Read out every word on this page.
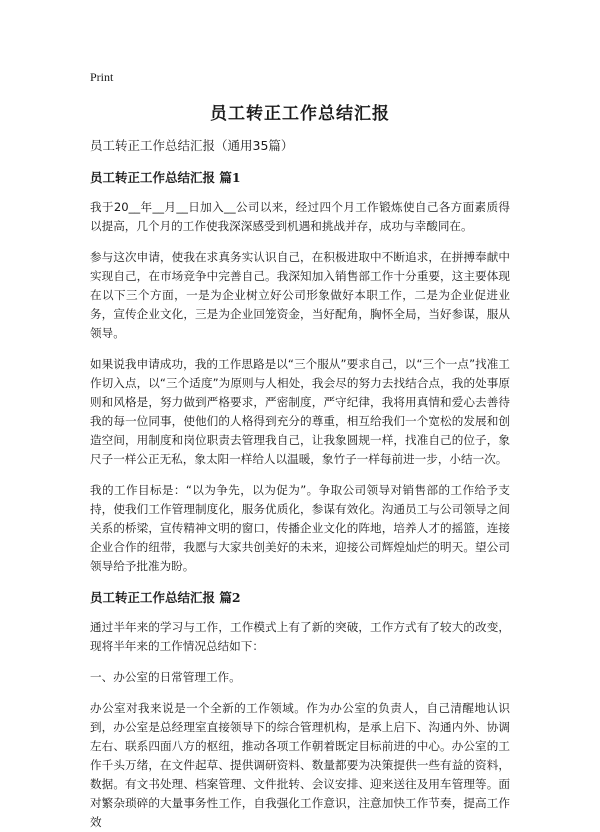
Print
员工转正工作总结汇报
员工转正工作总结汇报（通用35篇）
员工转正工作总结汇报 篇1

我于20__年__月__日加入__公司以来，经过四个月工作锻炼使自己各方面素质得以提高，几个月的工作使我深深感受到机遇和挑战并存，成功与幸酸同在。

参与这次申请，使我在求真务实认识自己，在积极进取中不断追求，在拼搏奉献中实现自己，在市场竞争中完善自己。我深知加入销售部工作十分重要，这主要体现在以下三个方面，一是为企业树立好公司形象做好本职工作，二是为企业促进业务，宣传企业文化，三是为企业回笼资金，当好配角，胸怀全局，当好参谋，服从领导。

如果说我申请成功，我的工作思路是以“三个服从”要求自己，以“三个一点”找准工作切入点，以“三个适度”为原则与人相处，我会尽的努力去找结合点，我的处事原则和风格是，努力做到严格要求，严密制度，严守纪律，我将用真情和爱心去善待我的每一位同事，使他们的人格得到充分的尊重，相互给我们一个宽松的发展和创造空间，用制度和岗位职责去管理我自己，让我象圆规一样，找准自己的位子，象尺子一样公正无私，象太阳一样给人以温暖，象竹子一样每前进一步，小结一次。

我的工作目标是：“以为争先，以为促为”。争取公司领导对销售部的工作给予支持，使我们工作管理制度化，服务优质化，参谋有效化。沟通员工与公司领导之间关系的桥梁，宣传精神文明的窗口，传播企业文化的阵地，培养人才的摇篮，连接企业合作的纽带，我愿与大家共创美好的未来，迎接公司辉煌灿烂的明天。望公司领导给予批准为盼。

员工转正工作总结汇报 篇2

通过半年来的学习与工作，工作模式上有了新的突破，工作方式有了较大的改变，现将半年来的工作情况总结如下：

一、办公室的日常管理工作。

办公室对我来说是一个全新的工作领域。作为办公室的负责人，自己清醒地认识到，办公室是总经理室直接领导下的综合管理机构，是承上启下、沟通内外、协调左右、联系四面八方的枢纽，推动各项工作朝着既定目标前进的中心。办公室的工作千头万绪，在文件起草、提供调研资料、数量都要为决策提供一些有益的资料，数据。有文书处理、档案管理、文件批转、会议安排、迎来送往及用车管理等。面对繁杂琐碎的大量事务性工作，自我强化工作意识，注意加快工作节奏，提高工作效
